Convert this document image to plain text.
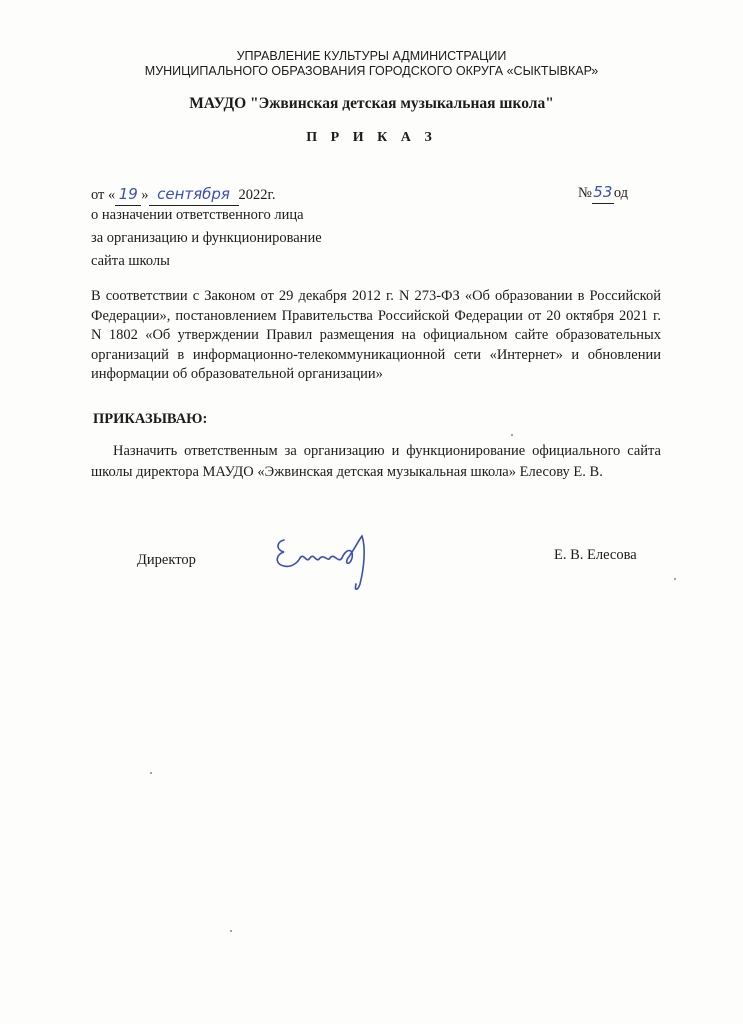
УПРАВЛЕНИЕ КУЛЬТУРЫ АДМИНИСТРАЦИИ
МУНИЦИПАЛЬНОГО ОБРАЗОВАНИЯ ГОРОДСКОГО ОКРУГА «СЫКТЫВКАР»
МАУДО "Эжвинская детская музыкальная школа"
П Р И К А З
от « 19 » сентября 2022г.	№53од
о назначении ответственного лица
за организацию и функционирование
сайта школы
В соответствии с Законом от 29 декабря 2012 г. N 273-ФЗ «Об образовании в Российской Федерации», постановлением Правительства Российской Федерации от 20 октября 2021 г. N 1802 «Об утверждении Правил размещения на официальном сайте образовательных организаций в информационно-телекоммуникационной сети «Интернет» и обновлении информации об образовательной организации»
ПРИКАЗЫВАЮ:
Назначить ответственным за организацию и функционирование официального сайта школы директора МАУДО «Эжвинская детская музыкальная школа» Елесову Е. В.
Директор	Е. В. Елесова
